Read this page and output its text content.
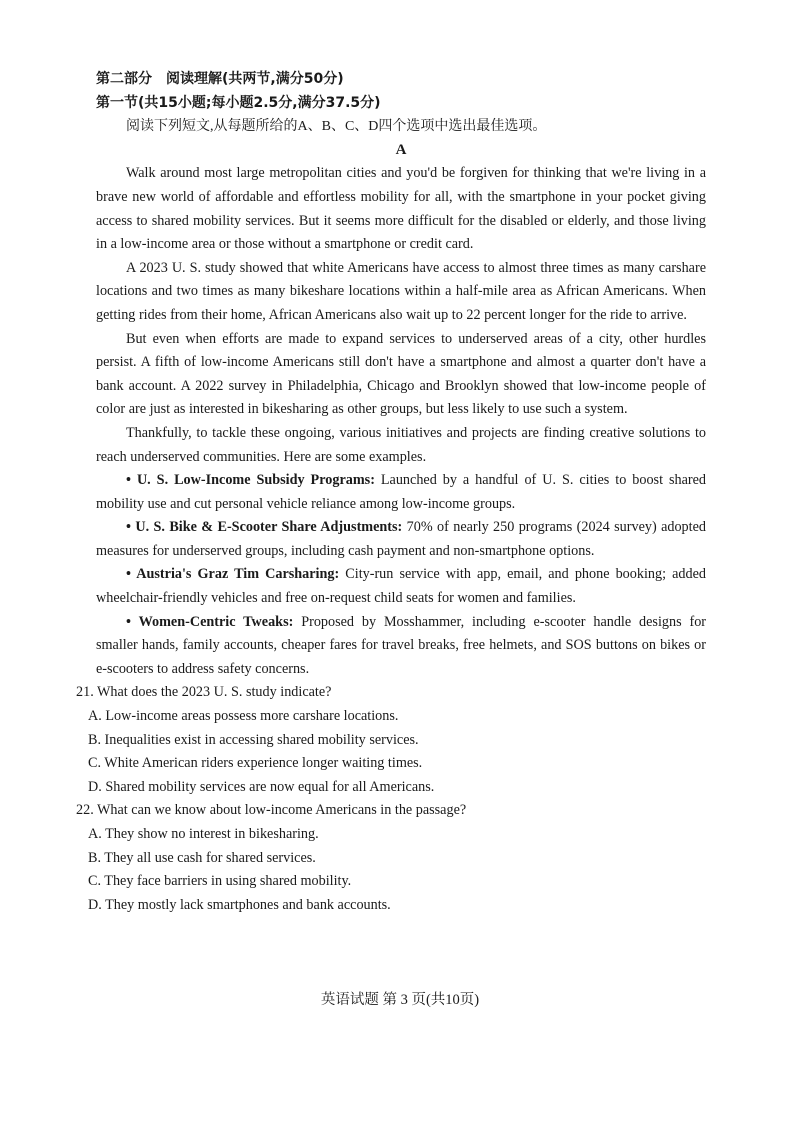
第二部分　阅读理解(共两节,满分50分)
第一节(共15小题;每小题2.5分,满分37.5分)
阅读下列短文,从每题所给的A、B、C、D四个选项中选出最佳选项。
A

Walk around most large metropolitan cities and you'd be forgiven for thinking that we're living in a brave new world of affordable and effortless mobility for all, with the smartphone in your pocket giving access to shared mobility services. But it seems more difficult for the disabled or elderly, and those living in a low-income area or those without a smartphone or credit card.

A 2023 U. S. study showed that white Americans have access to almost three times as many carshare locations and two times as many bikeshare locations within a half-mile area as African Americans. When getting rides from their home, African Americans also wait up to 22 percent longer for the ride to arrive.

But even when efforts are made to expand services to underserved areas of a city, other hurdles persist. A fifth of low-income Americans still don't have a smartphone and almost a quarter don't have a bank account. A 2022 survey in Philadelphia, Chicago and Brooklyn showed that low-income people of color are just as interested in bikesharing as other groups, but less likely to use such a system.

Thankfully, to tackle these ongoing, various initiatives and projects are finding creative solutions to reach underserved communities. Here are some examples.

• U. S. Low-Income Subsidy Programs: Launched by a handful of U. S. cities to boost shared mobility use and cut personal vehicle reliance among low-income groups.

• U. S. Bike & E-Scooter Share Adjustments: 70% of nearly 250 programs (2024 survey) adopted measures for underserved groups, including cash payment and non-smartphone options.

• Austria's Graz Tim Carsharing: City-run service with app, email, and phone booking; added wheelchair-friendly vehicles and free on-request child seats for women and families.

• Women-Centric Tweaks: Proposed by Mosshammer, including e-scooter handle designs for smaller hands, family accounts, cheaper fares for travel breaks, free helmets, and SOS buttons on bikes or e-scooters to address safety concerns.

21. What does the 2023 U. S. study indicate?
A. Low-income areas possess more carshare locations.
B. Inequalities exist in accessing shared mobility services.
C. White American riders experience longer waiting times.
D. Shared mobility services are now equal for all Americans.
22. What can we know about low-income Americans in the passage?
A. They show no interest in bikesharing.
B. They all use cash for shared services.
C. They face barriers in using shared mobility.
D. They mostly lack smartphones and bank accounts.
英语试题 第 3 页(共10页)
